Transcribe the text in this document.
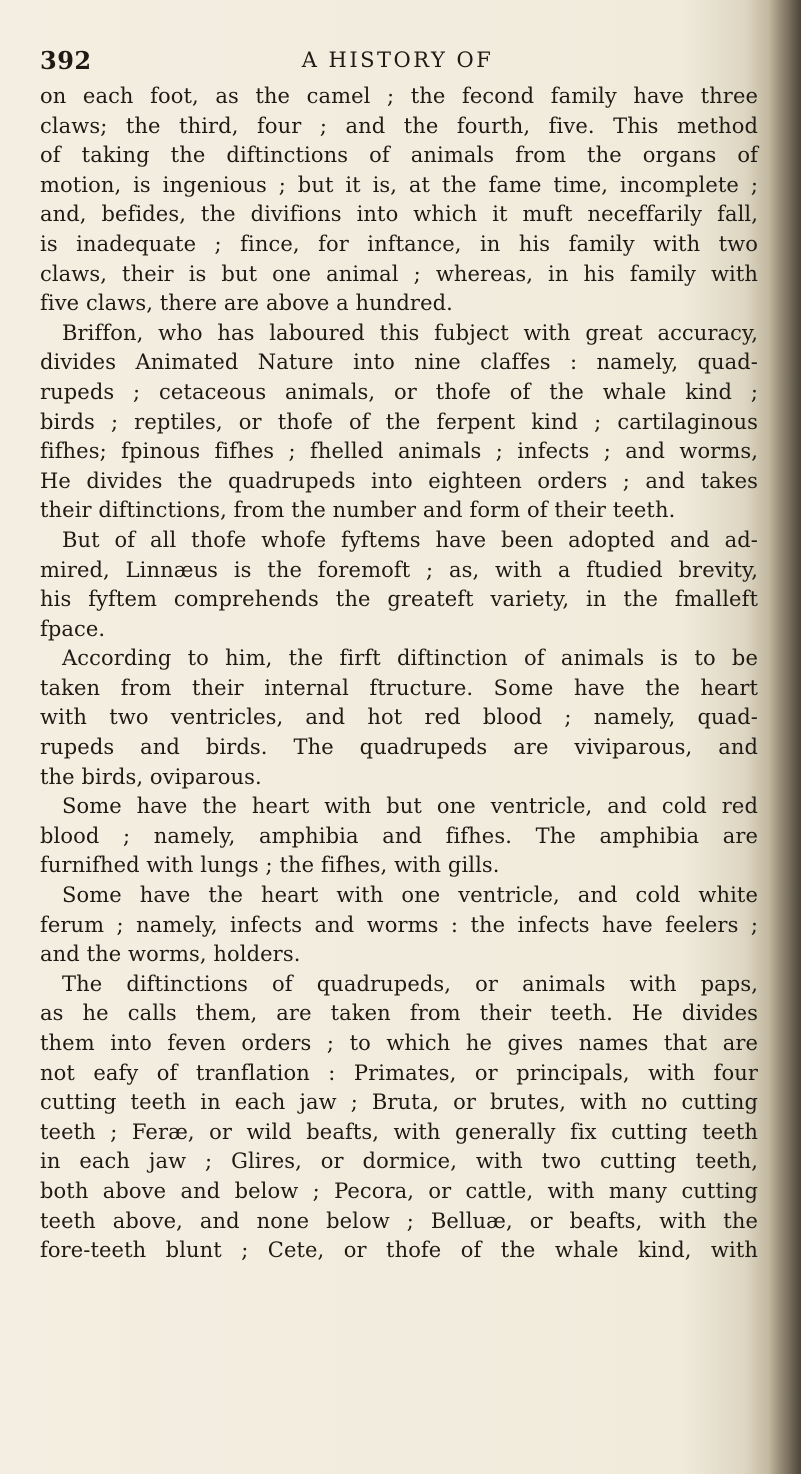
392	A HISTORY OF
on each foot, as the camel ; the fecond family have three
claws; the third, four ; and the fourth, five. This method
of taking the diftinctions of animals from the organs of
motion, is ingenious ; but it is, at the fame time, incomplete ;
and, befides, the divifions into which it muft neceffarily fall,
is inadequate ; fince, for inftance, in his family with two
claws, their is but one animal ; whereas, in his family with
five claws, there are above a hundred.
Briffon, who has laboured this fubject with great accuracy,
divides Animated Nature into nine claffes : namely, quad-
rupeds ; cetaceous animals, or thofe of the whale kind ;
birds ; reptiles, or thofe of the ferpent kind ; cartilaginous
fifhes; fpinous fifhes ; fhelled animals ; infects ; and worms,
He divides the quadrupeds into eighteen orders ; and takes
their diftinctions, from the number and form of their teeth.
But of all thofe whofe fyftems have been adopted and ad-
mired, Linnæus is the foremoft ; as, with a ftudied brevity,
his fyftem comprehends the greateft variety, in the fmalleft
fpace.
According to him, the firft diftinction of animals is to be
taken from their internal ftructure. Some have the heart
with two ventricles, and hot red blood ; namely, quad-
rupeds and birds. The quadrupeds are viviparous, and
the birds, oviparous.
Some have the heart with but one ventricle, and cold red
blood ; namely, amphibia and fifhes. The amphibia are
furnifhed with lungs ; the fifhes, with gills.
Some have the heart with one ventricle, and cold white
ferum ; namely, infects and worms : the infects have feelers ;
and the worms, holders.
The diftinctions of quadrupeds, or animals with paps,
as he calls them, are taken from their teeth. He divides
them into feven orders ; to which he gives names that are
not eafy of tranflation : Primates, or principals, with four
cutting teeth in each jaw ; Bruta, or brutes, with no cutting
teeth ; Feræ, or wild beafts, with generally fix cutting teeth
in each jaw ; Glires, or dormice, with two cutting teeth,
both above and below ; Pecora, or cattle, with many cutting
teeth above, and none below ; Belluæ, or beafts, with the
fore-teeth blunt ; Cete, or thofe of the whale kind, with
